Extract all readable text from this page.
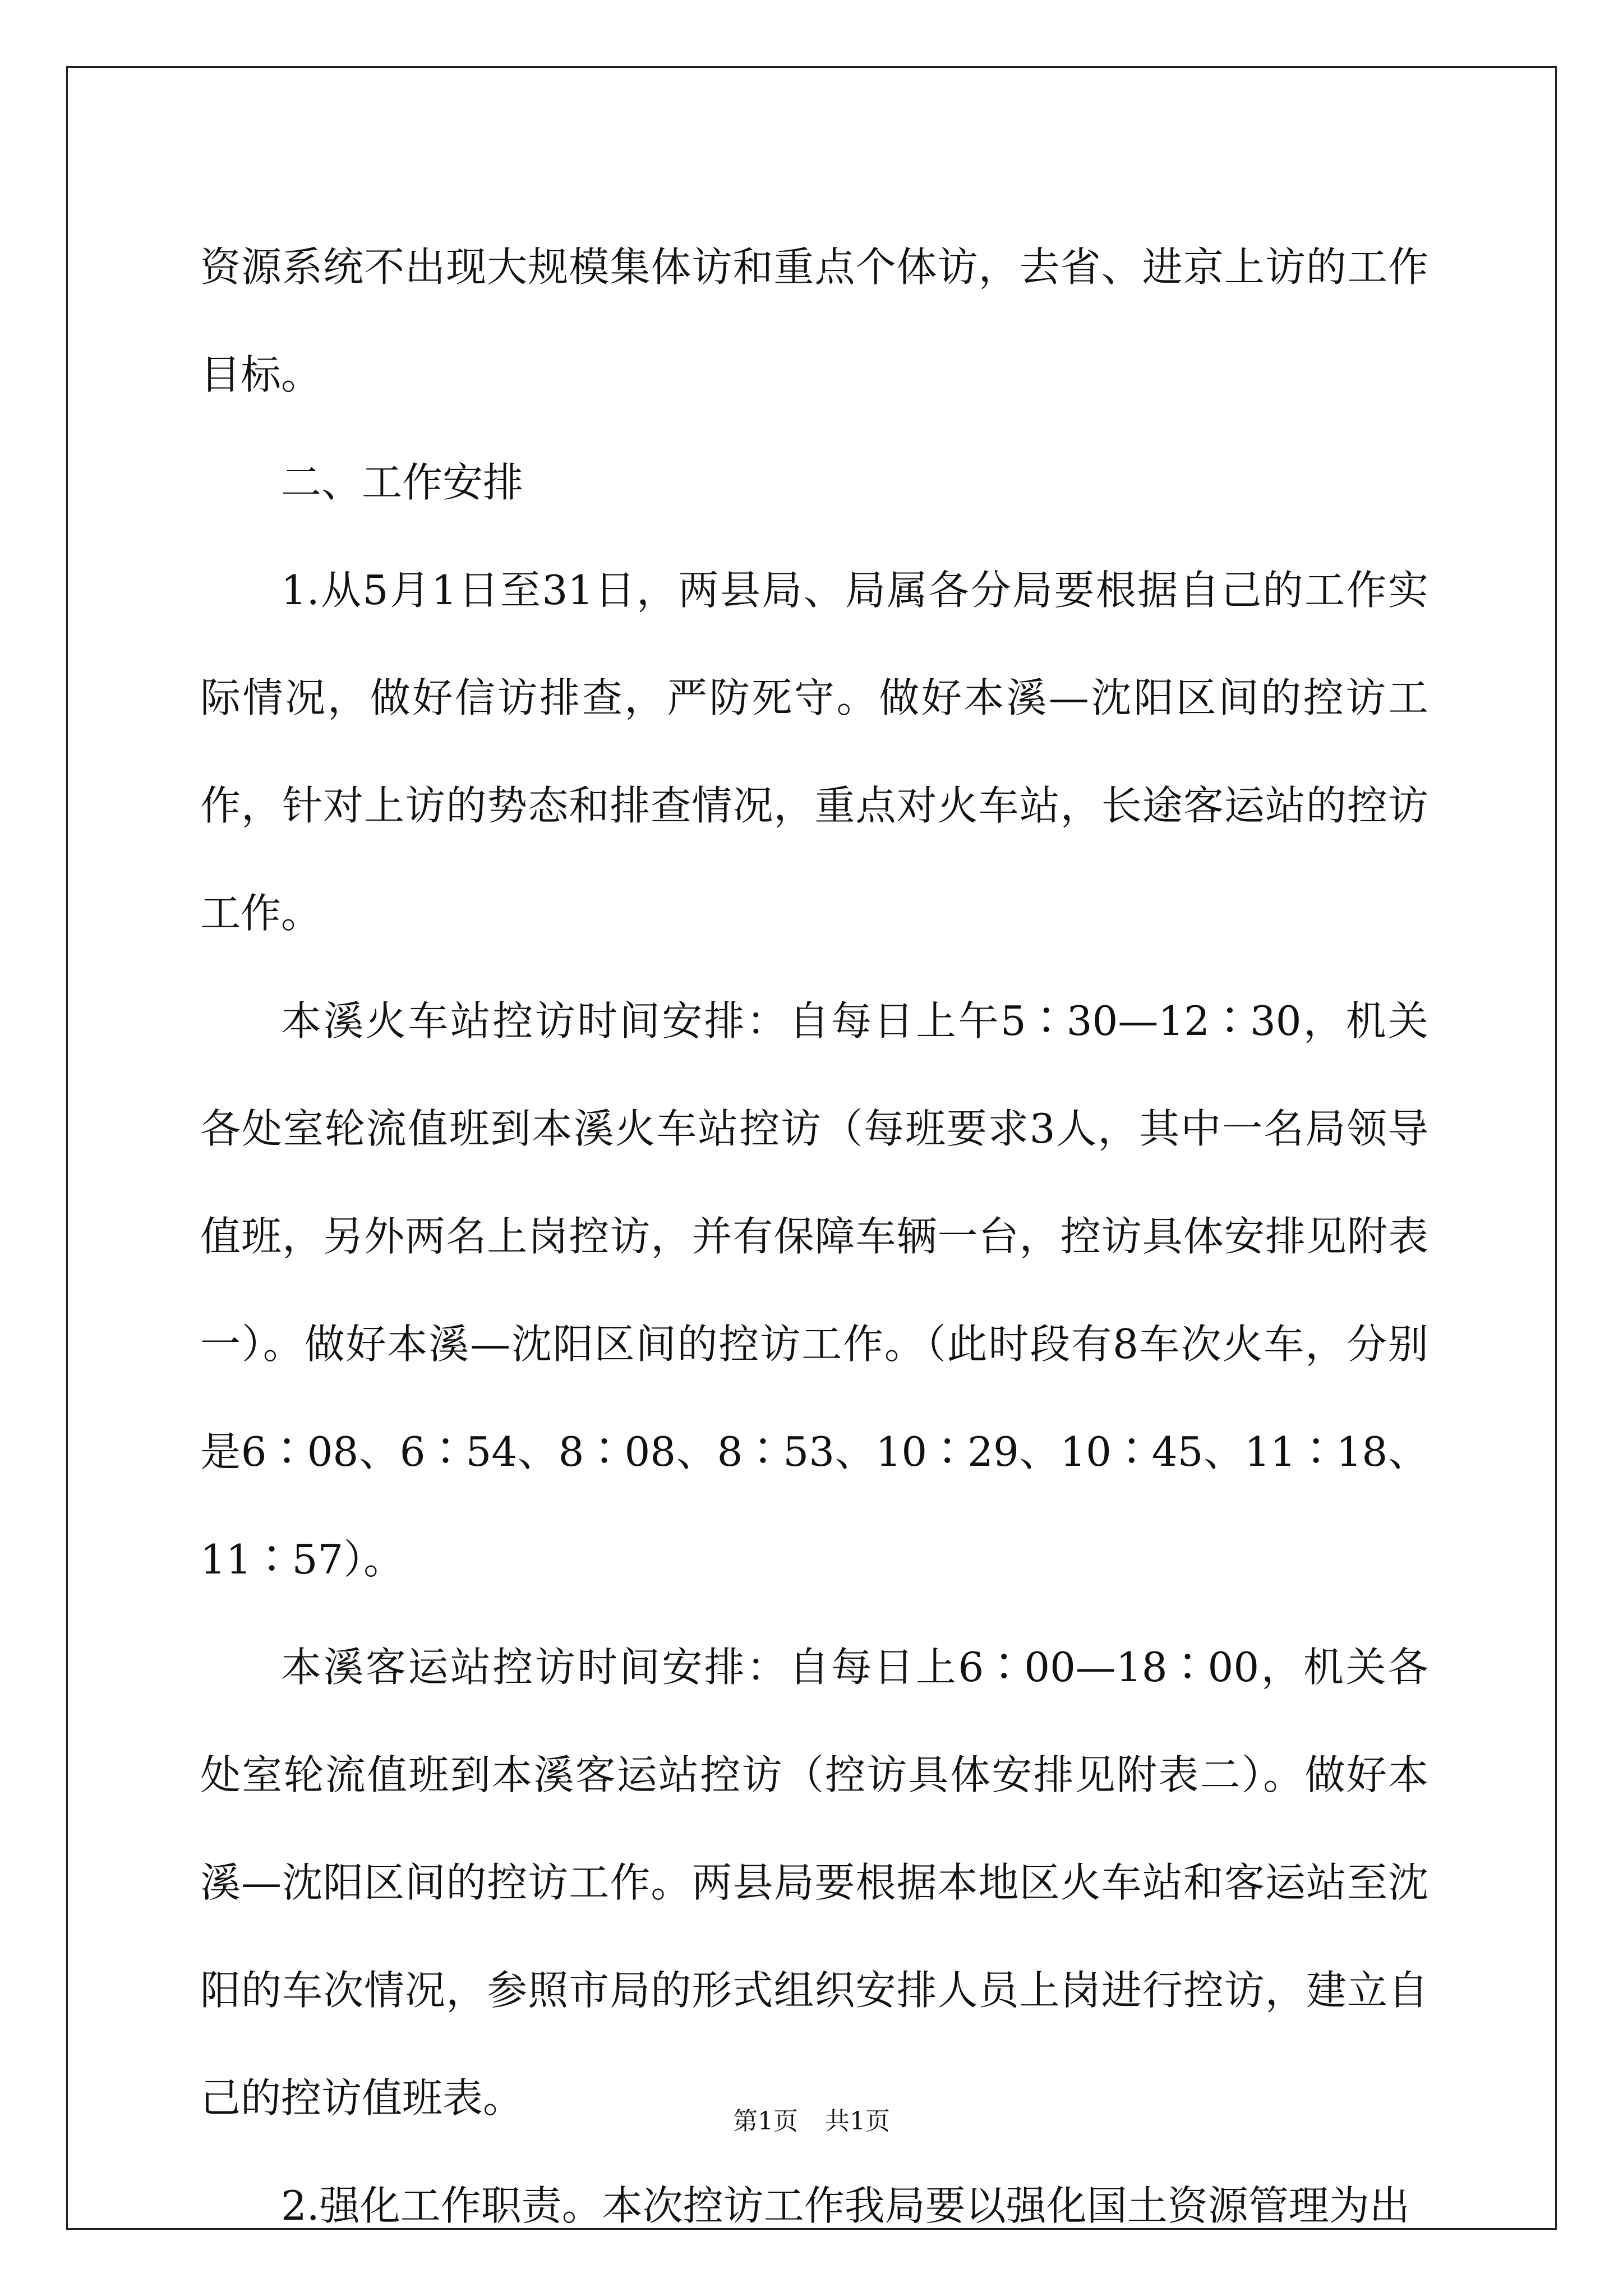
资源系统不出现大规模集体访和重点个体访，去省、进京上访的工作目标。

二、工作安排

1.从5月1日至31日，两县局、局属各分局要根据自己的工作实际情况，做好信访排查，严防死守。做好本溪—沈阳区间的控访工作，针对上访的势态和排查情况，重点对火车站，长途客运站的控访工作。

本溪火车站控访时间安排：自每日上午5∶30—12∶30，机关各处室轮流值班到本溪火车站控访（每班要求3人，其中一名局领导值班，另外两名上岗控访，并有保障车辆一台，控访具体安排见附表一）。做好本溪—沈阳区间的控访工作。（此时段有8车次火车，分别是6∶08、6∶54、8∶08、8∶53、10∶29、10∶45、11∶18、11∶57）。

本溪客运站控访时间安排：自每日上6∶00—18∶00，机关各处室轮流值班到本溪客运站控访（控访具体安排见附表二）。做好本溪—沈阳区间的控访工作。两县局要根据本地区火车站和客运站至沈阳的车次情况，参照市局的形式组织安排人员上岗进行控访，建立自己的控访值班表。

2.强化工作职责。本次控访工作我局要以强化国土资源管理为出

第1页 共1页
